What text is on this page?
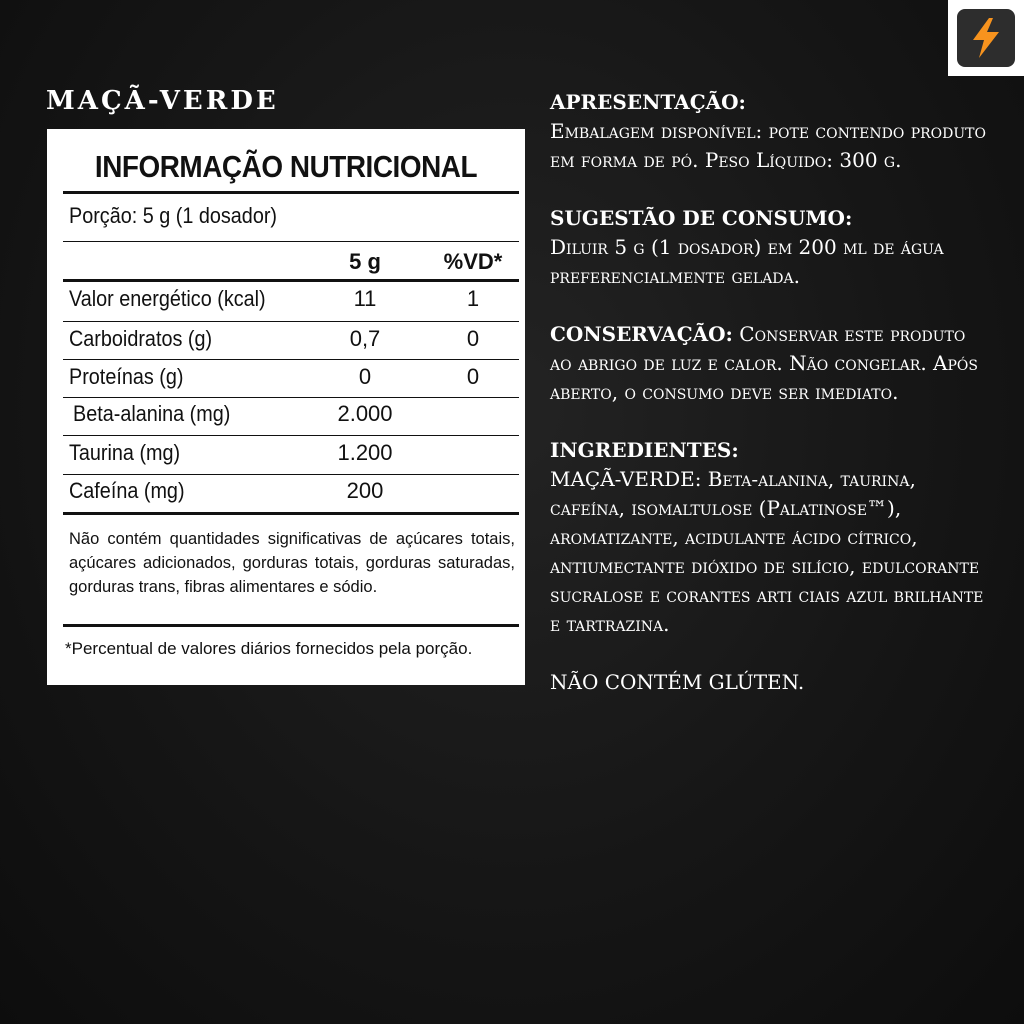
MAÇÃ-VERDE
INFORMAÇÃO NUTRICIONAL
Porção: 5 g (1 dosador)
5 g	%VD*
Valor energético (kcal)	11	1
Carboidratos (g)	0,7	0
Proteínas (g)	0	0
Beta-alanina (mg)	2.000
Taurina (mg)	1.200
Cafeína (mg)	200
Não contém quantidades significativas de açúcares totais, açúcares adicionados, gorduras totais, gorduras saturadas, gorduras trans, fibras alimentares e sódio.
*Percentual de valores diários fornecidos pela porção.
APRESENTAÇÃO:
Embalagem disponível: pote contendo produto em forma de pó. Peso Líquido: 300 g.
SUGESTÃO DE CONSUMO:
Diluir 5 g (1 dosador) em 200 ml de água preferencialmente gelada.
CONSERVAÇÃO: Conservar este produto ao abrigo de luz e calor. Não congelar. Após aberto, o consumo deve ser imediato.
INGREDIENTES:
MAÇÃ-VERDE: Beta-alanina, taurina, cafeína, isomaltulose (Palatinose™), aromatizante, acidulante ácido cítrico, antiumectante dióxido de silício, edulcorante sucralose e corantes arti ciais azul brilhante e tartrazina.
NÃO CONTÉM GLÚTEN.
